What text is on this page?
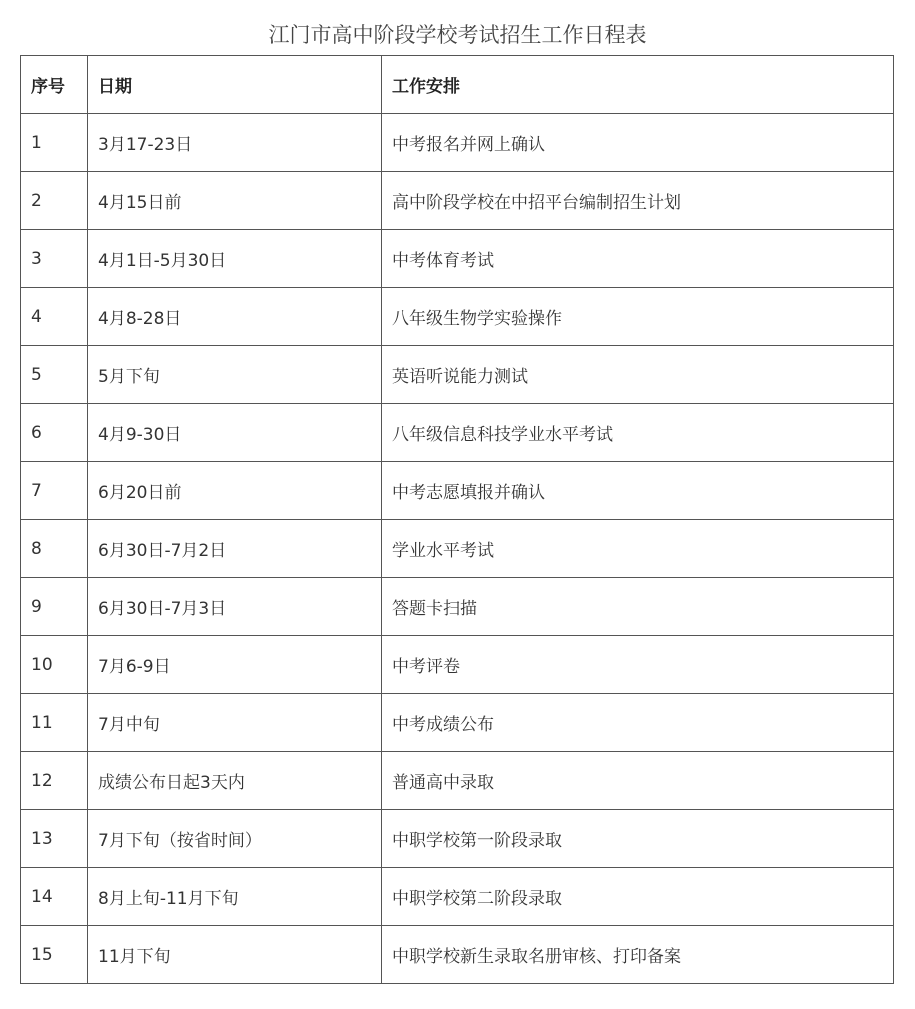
江门市高中阶段学校考试招生工作日程表
序号	日期	工作安排
1	3月17-23日	中考报名并网上确认
2	4月15日前	高中阶段学校在中招平台编制招生计划
3	4月1日-5月30日	中考体育考试
4	4月8-28日	八年级生物学实验操作
5	5月下旬	英语听说能力测试
6	4月9-30日	八年级信息科技学业水平考试
7	6月20日前	中考志愿填报并确认
8	6月30日-7月2日	学业水平考试
9	6月30日-7月3日	答题卡扫描
10	7月6-9日	中考评卷
11	7月中旬	中考成绩公布
12	成绩公布日起3天内	普通高中录取
13	7月下旬（按省时间）	中职学校第一阶段录取
14	8月上旬-11月下旬	中职学校第二阶段录取
15	11月下旬	中职学校新生录取名册审核、打印备案
